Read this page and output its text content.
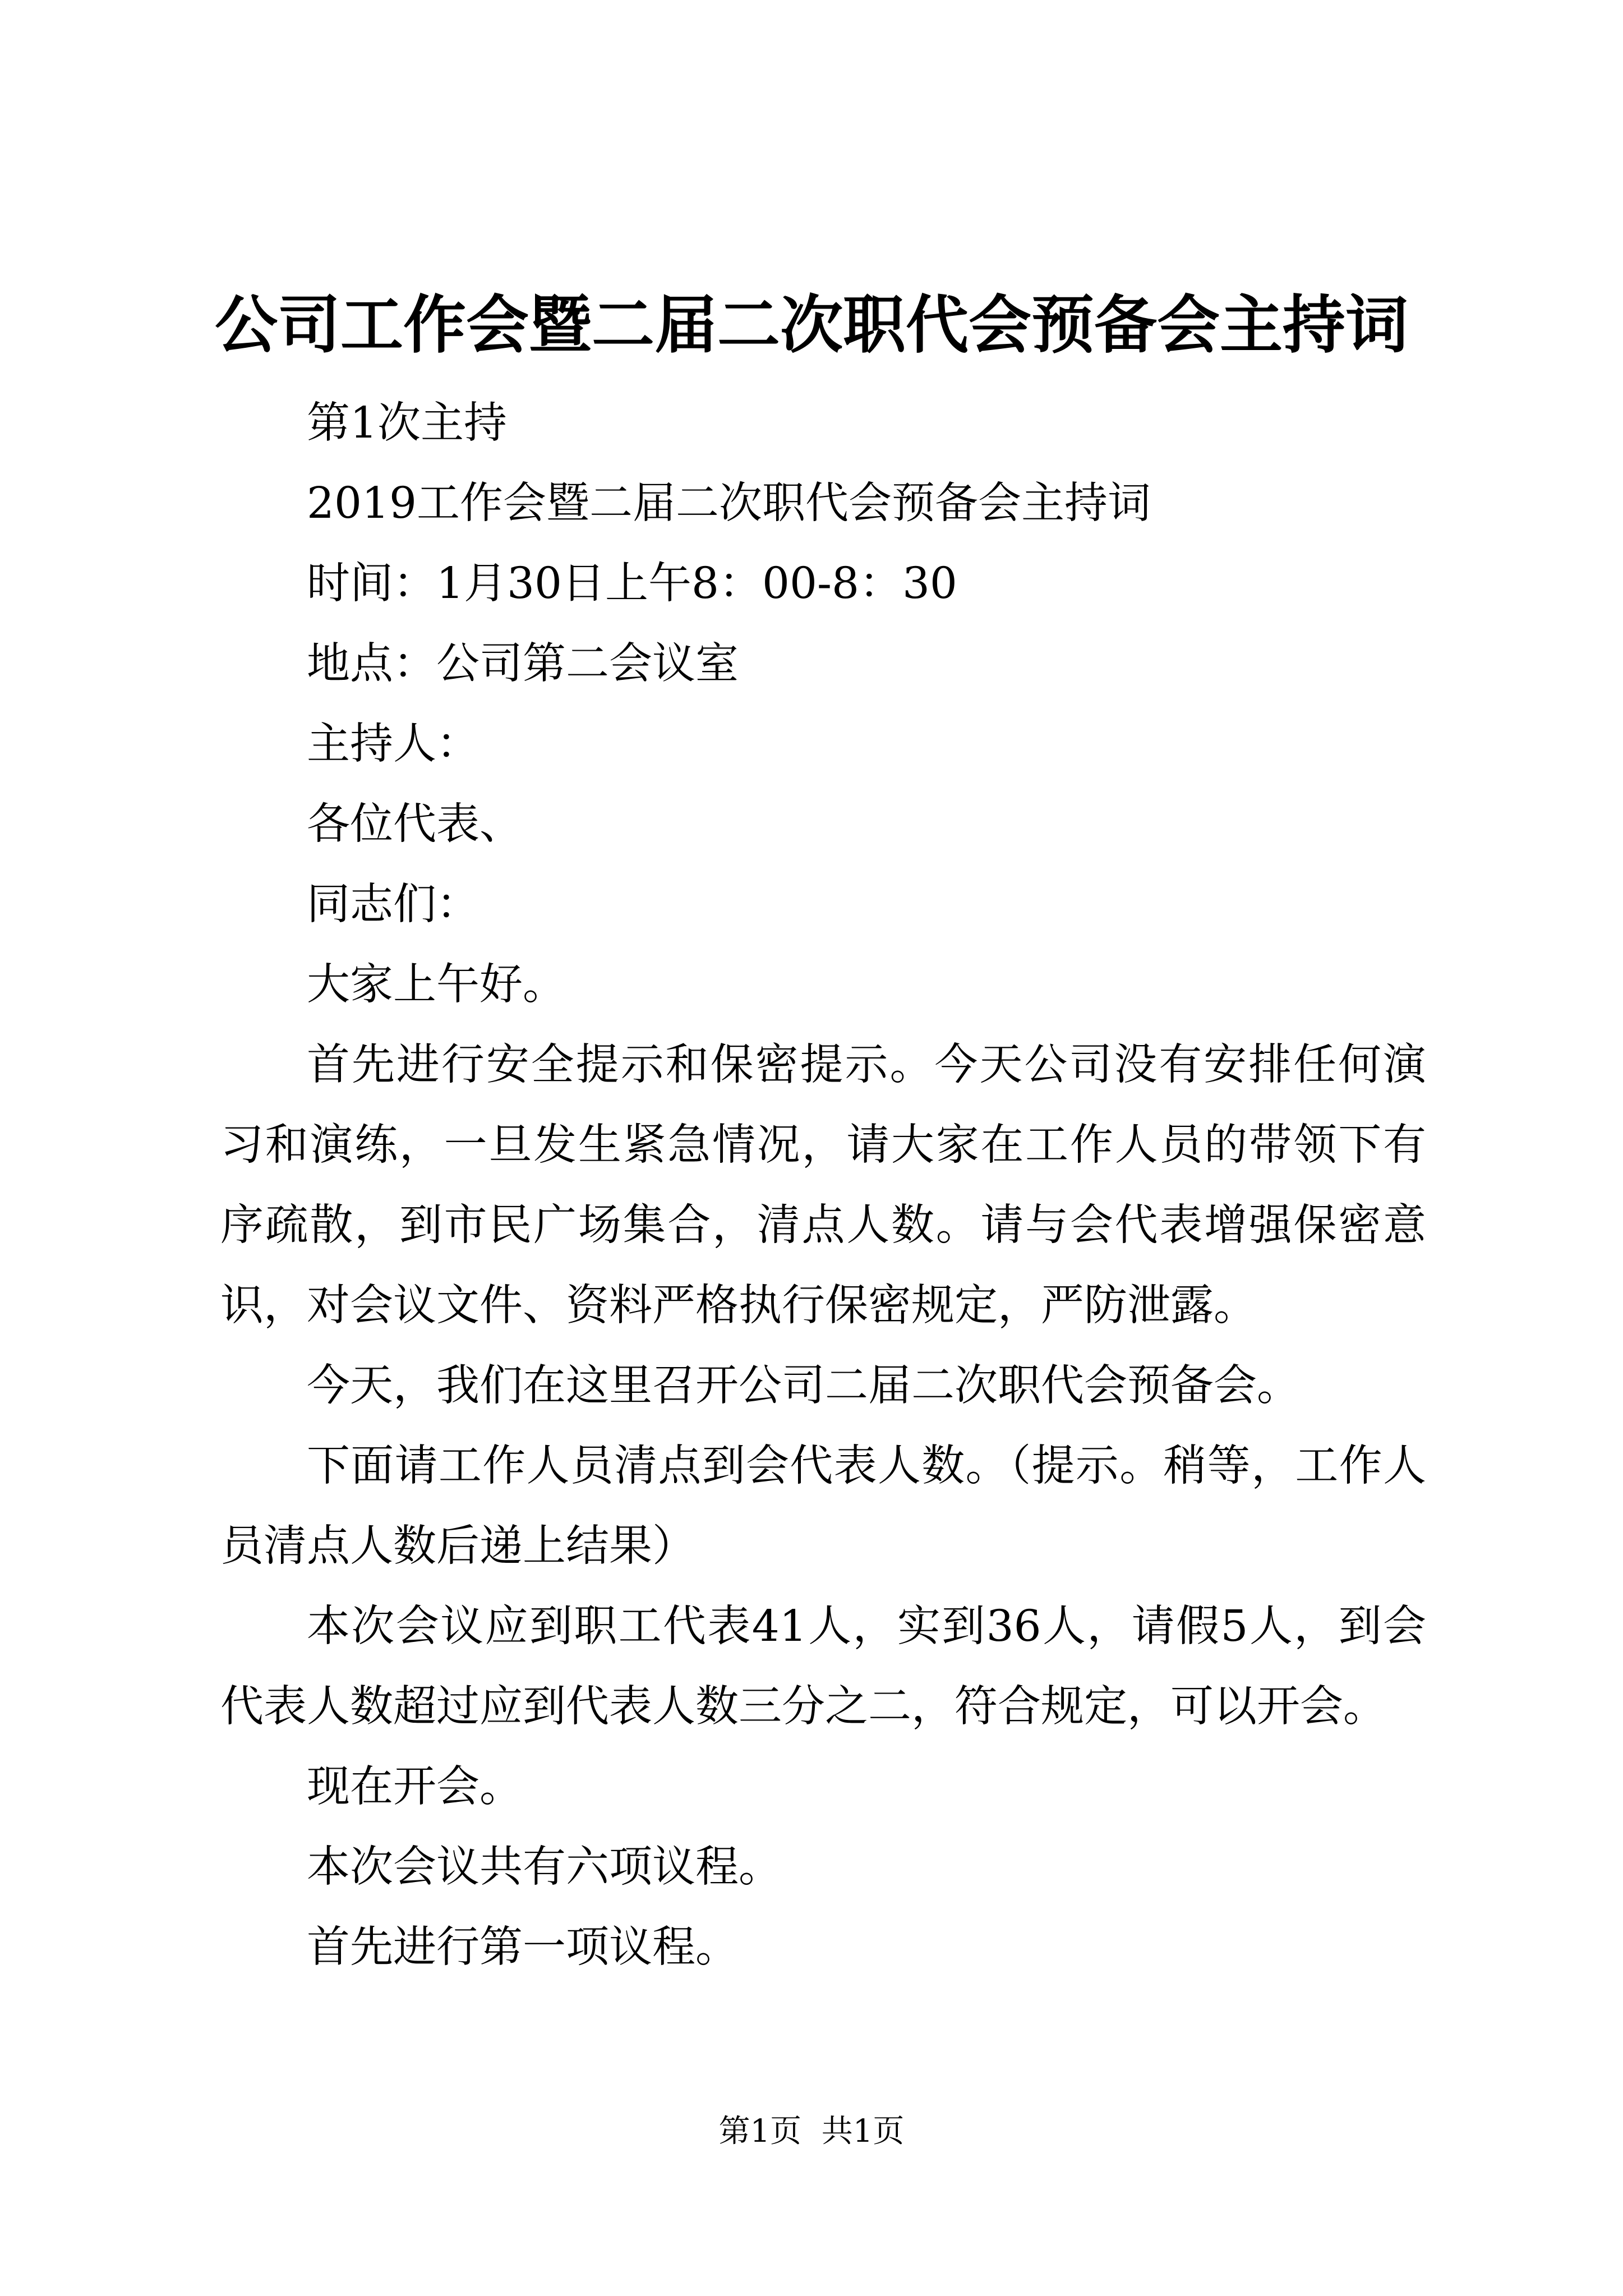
公司工作会暨二届二次职代会预备会主持词

第1次主持

2019工作会暨二届二次职代会预备会主持词

时间：1月30日上午8：00-8：30

地点：公司第二会议室

主持人：

各位代表、

同志们：

大家上午好。

首先进行安全提示和保密提示。今天公司没有安排任何演习和演练，一旦发生紧急情况，请大家在工作人员的带领下有序疏散，到市民广场集合，清点人数。请与会代表增强保密意识，对会议文件、资料严格执行保密规定，严防泄露。

今天，我们在这里召开公司二届二次职代会预备会。

下面请工作人员清点到会代表人数。（提示。稍等，工作人员清点人数后递上结果）

本次会议应到职工代表41人，实到36人，请假5人，到会代表人数超过应到代表人数三分之二，符合规定，可以开会。

现在开会。

本次会议共有六项议程。

首先进行第一项议程。

第1页 共1页
